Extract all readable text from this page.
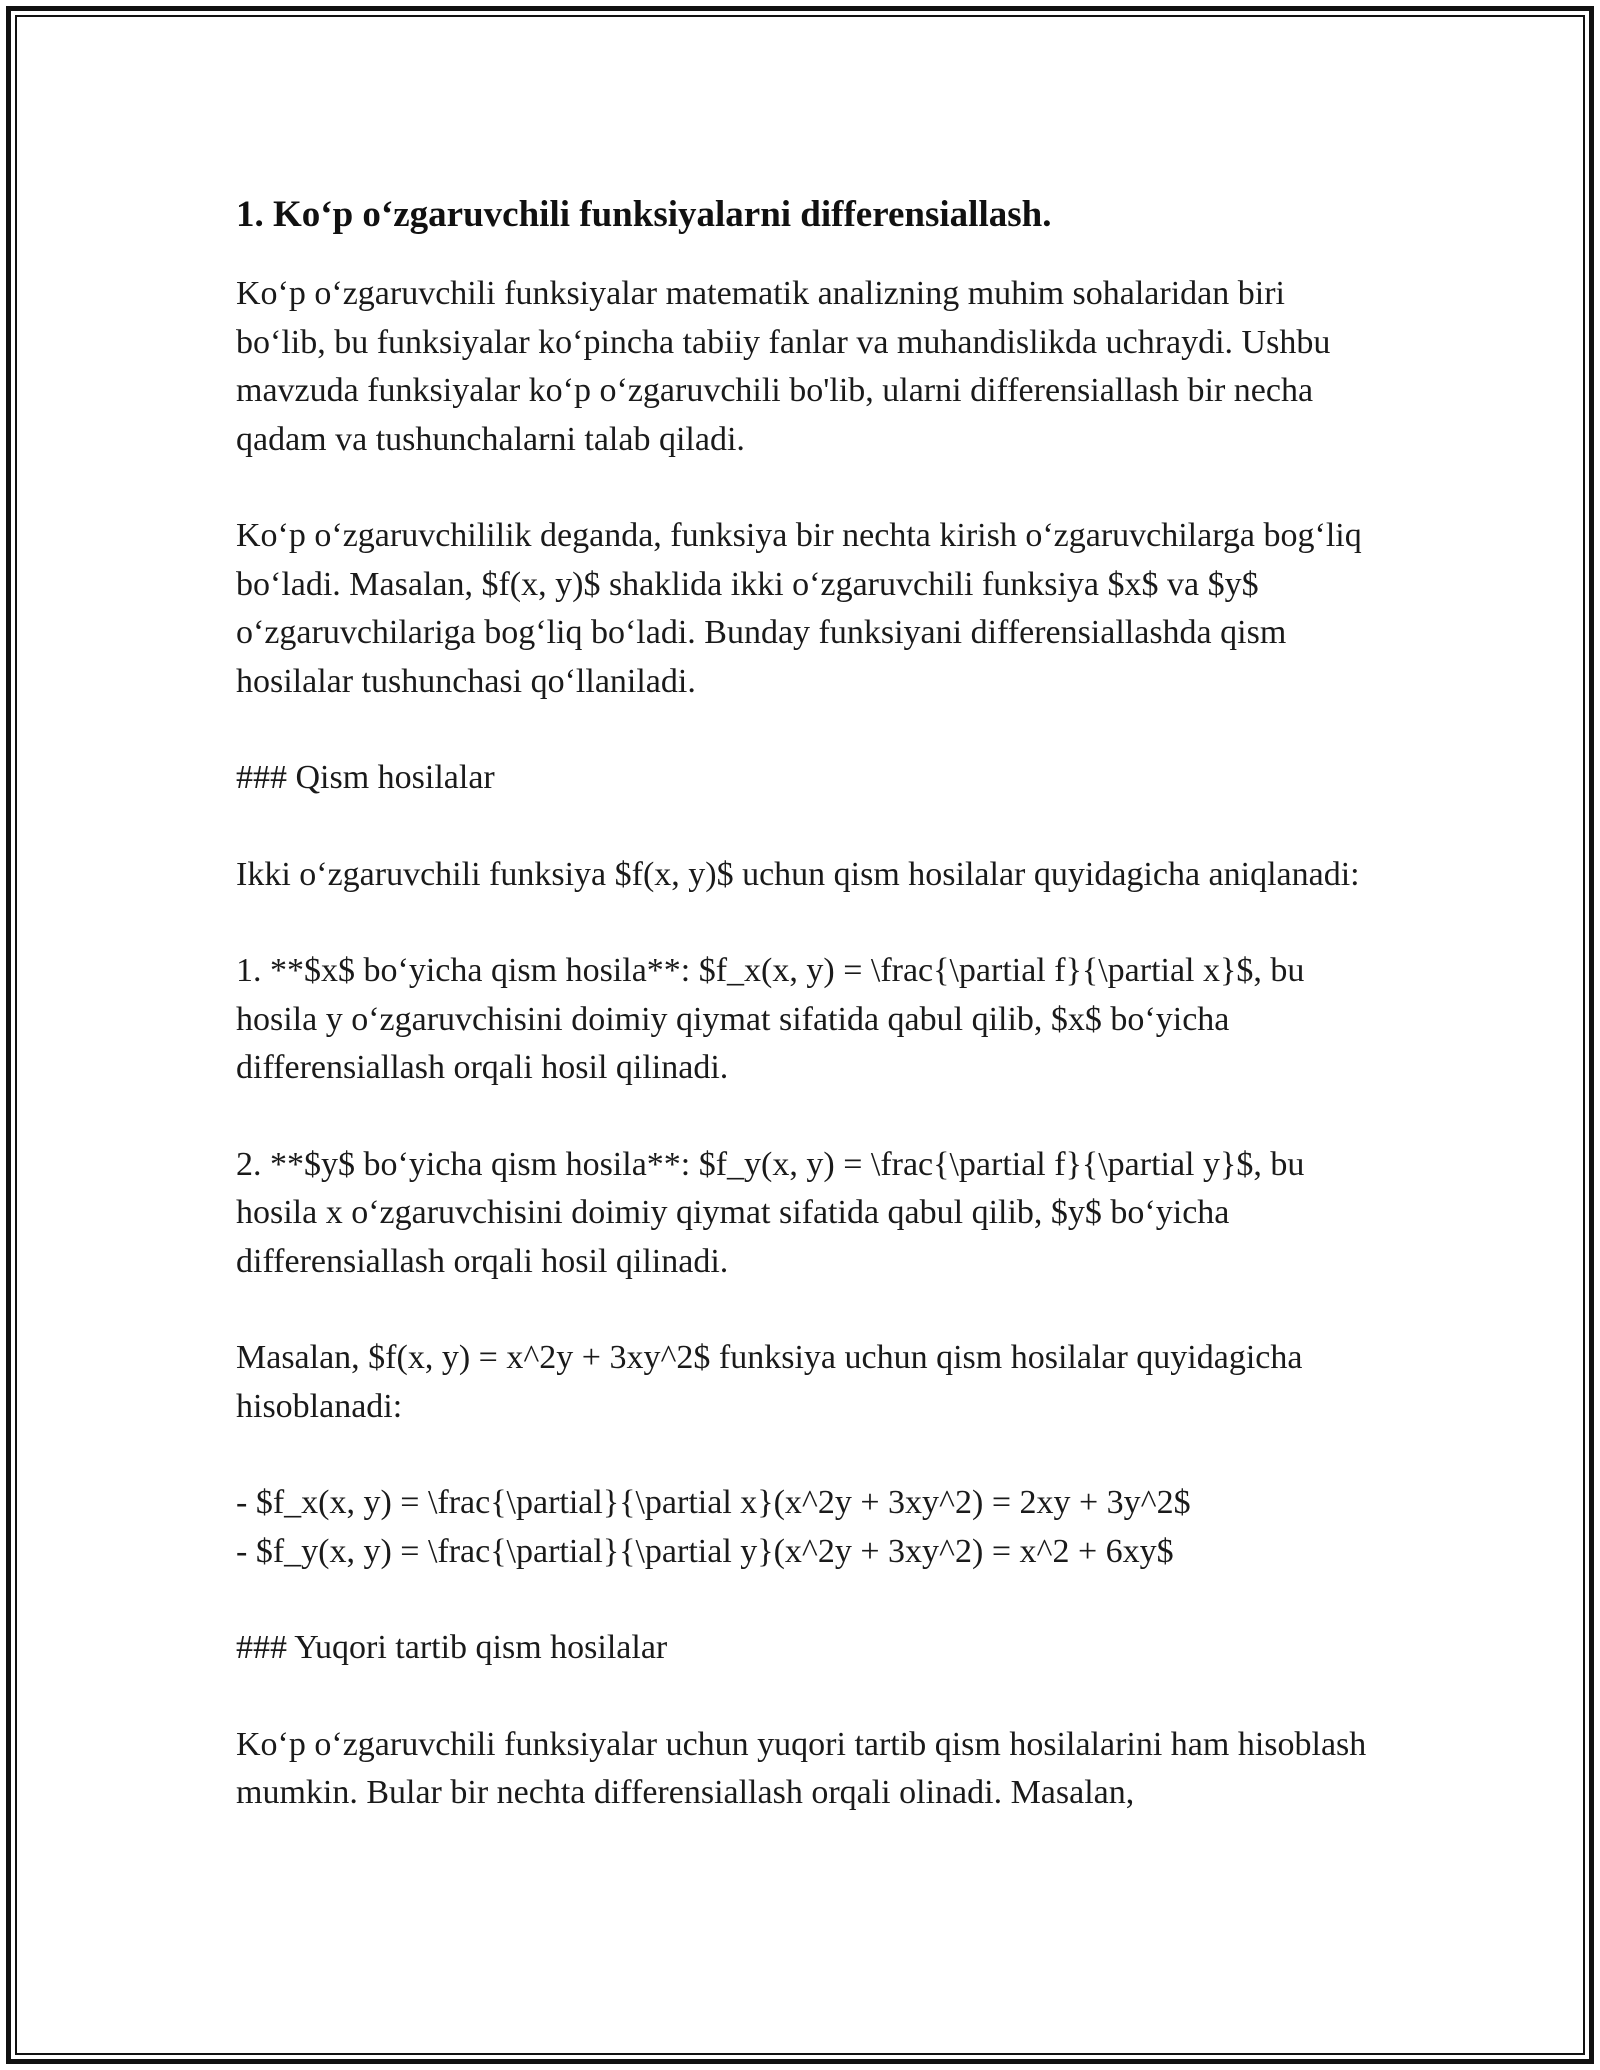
1. Ko‘p o‘zgaruvchili funksiyalarni differensiallash.

Ko‘p o‘zgaruvchili funksiyalar matematik analizning muhim sohalaridan biri bo‘lib, bu funksiyalar ko‘pincha tabiiy fanlar va muhandislikda uchraydi. Ushbu mavzuda funksiyalar ko‘p o‘zgaruvchili bo'lib, ularni differensiallash bir necha qadam va tushunchalarni talab qiladi.

Ko‘p o‘zgaruvchililik deganda, funksiya bir nechta kirish o‘zgaruvchilarga bog‘liq bo‘ladi. Masalan, $f(x, y)$ shaklida ikki o‘zgaruvchili funksiya $x$ va $y$ o‘zgaruvchilariga bog‘liq bo‘ladi. Bunday funksiyani differensiallashda qism hosilalar tushunchasi qo‘llaniladi.

### Qism hosilalar

Ikki o‘zgaruvchili funksiya $f(x, y)$ uchun qism hosilalar quyidagicha aniqlanadi:

1. **$x$ bo‘yicha qism hosila**: $f_x(x, y) = \frac{\partial f}{\partial x}$, bu hosila y o‘zgaruvchisini doimiy qiymat sifatida qabul qilib, $x$ bo‘yicha differensiallash orqali hosil qilinadi.

2. **$y$ bo‘yicha qism hosila**: $f_y(x, y) = \frac{\partial f}{\partial y}$, bu hosila x o‘zgaruvchisini doimiy qiymat sifatida qabul qilib, $y$ bo‘yicha differensiallash orqali hosil qilinadi.

Masalan, $f(x, y) = x^2y + 3xy^2$ funksiya uchun qism hosilalar quyidagicha hisoblanadi:

- $f_x(x, y) = \frac{\partial}{\partial x}(x^2y + 3xy^2) = 2xy + 3y^2$
- $f_y(x, y) = \frac{\partial}{\partial y}(x^2y + 3xy^2) = x^2 + 6xy$

### Yuqori tartib qism hosilalar

Ko‘p o‘zgaruvchili funksiyalar uchun yuqori tartib qism hosilalarini ham hisoblash mumkin. Bular bir nechta differensiallash orqali olinadi. Masalan,
